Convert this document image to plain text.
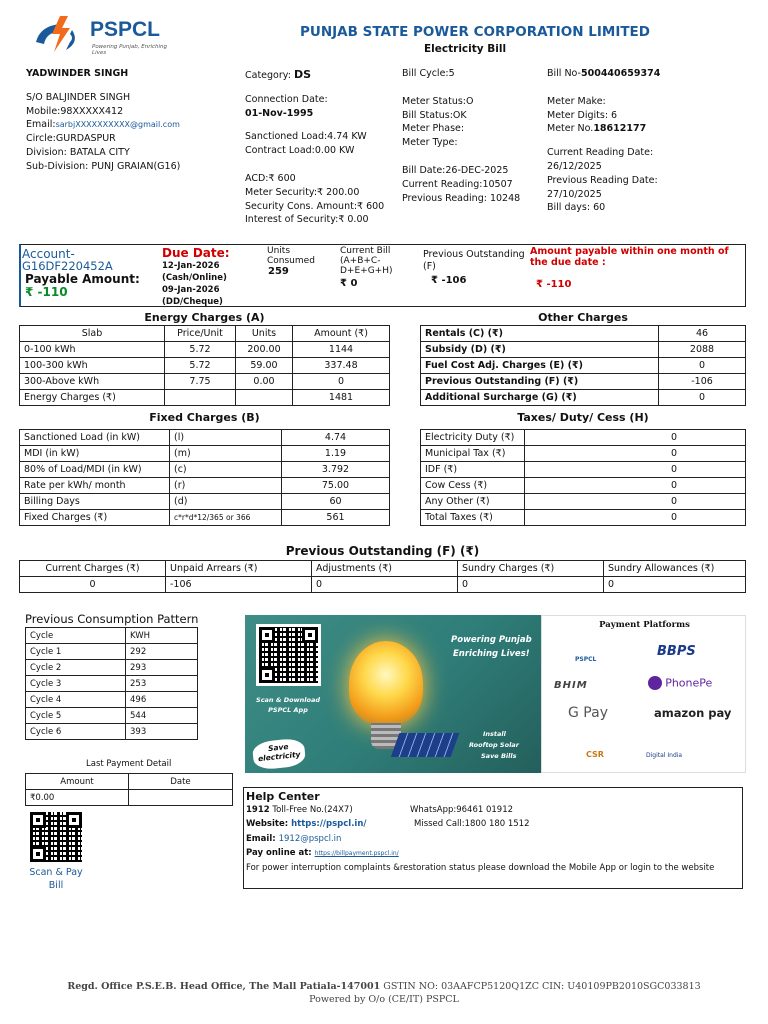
PSPCL
Powering Punjab, Enriching Lives
PUNJAB STATE POWER CORPORATION LIMITED
Electricity Bill
YADWINDER SINGH
S/O BALJINDER SINGH
Mobile:98XXXXX412
Email:sarbjXXXXXXXXXX@gmail.com
Circle:GURDASPUR
Division: BATALA CITY
Sub-Division: PUNJ GRAIAN(G16)
Category: DS
Connection Date:
01-Nov-1995
Sanctioned Load:4.74 KW
Contract Load:0.00 KW
ACD:₹ 600
Meter Security:₹ 200.00
Security Cons. Amount:₹ 600
Interest of Security:₹ 0.00
Bill Cycle:5
Meter Status:O
Bill Status:OK
Meter Phase:
Meter Type:
Bill Date:26-DEC-2025
Current Reading:10507
Previous Reading: 10248
Bill No-500440659374
Meter Make:
Meter Digits: 6
Meter No.18612177
Current Reading Date:
26/12/2025
Previous Reading Date:
27/10/2025
Bill days: 60
Account-
G16DF220452A
Payable Amount:
₹ -110
Due Date:
12-Jan-2026
(Cash/Online)
09-Jan-2026
(DD/Cheque)
Units Consumed
259
Current Bill (A+B+C-D+E+G+H)
₹ 0
Previous Outstanding (F)
₹ -106
Amount payable within one month of the due date :
₹ -110
Energy Charges (A)
Slab	Price/Unit	Units	Amount (₹)
0-100 kWh	5.72	200.00	1144
100-300 kWh	5.72	59.00	337.48
300-Above kWh	7.75	0.00	0
Energy Charges (₹)			1481
Other Charges
Rentals (C) (₹)	46
Subsidy (D) (₹)	2088
Fuel Cost Adj. Charges (E) (₹)	0
Previous Outstanding (F) (₹)	-106
Additional Surcharge (G) (₹)	0
Fixed Charges (B)
Sanctioned Load (in kW)	(l)	4.74
MDI (in kW)	(m)	1.19
80% of Load/MDI (in kW)	(c)	3.792
Rate per kWh/ month	(r)	75.00
Billing Days	(d)	60
Fixed Charges (₹)	c*r*d*12/365 or 366	561
Taxes/ Duty/ Cess (H)
Electricity Duty (₹)	0
Municipal Tax (₹)	0
IDF (₹)	0
Cow Cess (₹)	0
Any Other (₹)	0
Total Taxes (₹)	0
Previous Outstanding (F) (₹)
Current Charges (₹)	Unpaid Arrears (₹)	Adjustments (₹)	Sundry Charges (₹)	Sundry Allowances (₹)
0	-106	0	0	0
Previous Consumption Pattern
Cycle	KWH
Cycle 1	292
Cycle 2	293
Cycle 3	253
Cycle 4	496
Cycle 5	544
Cycle 6	393
Last Payment Detail
Amount	Date
₹0.00	
Scan & Pay Bill
Scan & Download
PSPCL App
Powering Punjab
Enriching Lives!
Save
electricity
Install
Rooftop Solar
Save Bills
Payment Platforms
PSPCL
BBPS
BHIM	PhonePe
G Pay	amazon pay
CSR	Digital India
Help Center
1912 Toll-Free No.(24X7)	WhatsApp:96461 01912
Website: https://pspcl.in/	Missed Call:1800 180 1512
Email: 1912@pspcl.in
Pay online at: https://billpayment.pspcl.in/
For power interruption complaints &restoration status please download the Mobile App or login to the website
Regd. Office P.S.E.B. Head Office, The Mall Patiala-147001 GSTIN NO: 03AAFCP5120Q1ZC CIN: U40109PB2010SGC033813
Powered by O/o (CE/IT) PSPCL
